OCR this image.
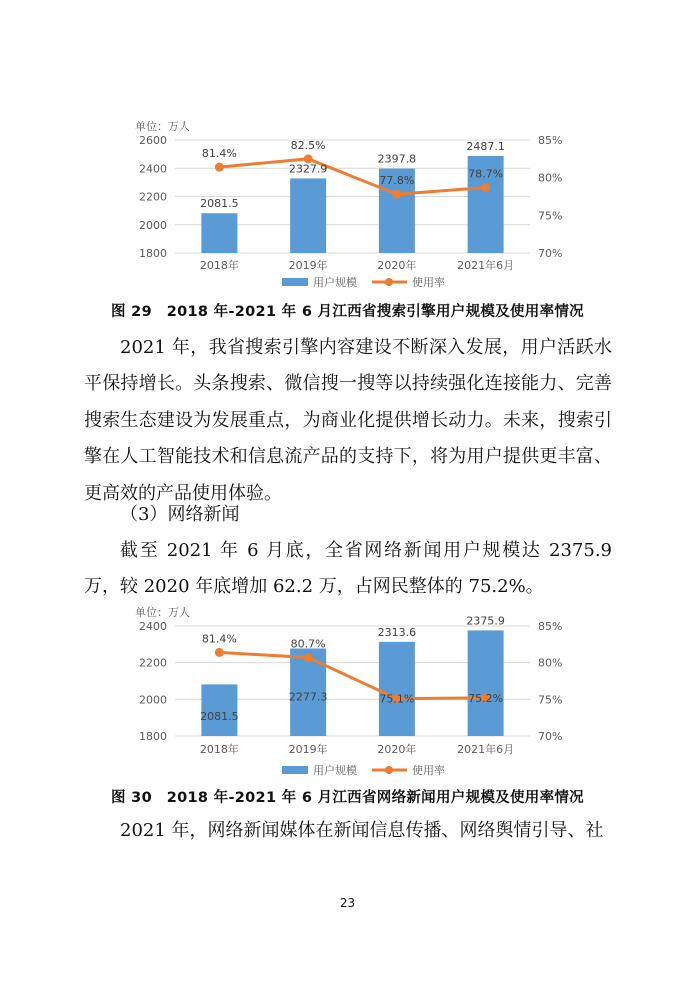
1800
2000
2200
2400
2600
70%
75%
80%
85%
单位：万人
2018年	2019年	2020年	2021年6月
2081.5
2327.9
2397.8
2487.1
81.4%
82.5%
77.8%
78.7%
用户规模	使用率
图 29　2018 年-2021 年 6 月江西省搜索引擎用户规模及使用率情况
2021 年，我省搜索引擎内容建设不断深入发展，用户活跃水平保持增长。头条搜索、微信搜一搜等以持续强化连接能力、完善搜索生态建设为发展重点，为商业化提供增长动力。未来，搜索引擎在人工智能技术和信息流产品的支持下，将为用户提供更丰富、更高效的产品使用体验。
（3）网络新闻
截至 2021 年 6 月底，全省网络新闻用户规模达 2375.9 万，较 2020 年底增加 62.2 万，占网民整体的 75.2%。
1800
2000
2200
2400
70%
75%
80%
85%
单位：万人
2018年	2019年	2020年	2021年6月
2081.5
2277.3
2313.6
2375.9
81.4%	80.7%
75.1%	75.2%
用户规模	使用率
图 30　2018 年-2021 年 6 月江西省网络新闻用户规模及使用率情况
2021 年，网络新闻媒体在新闻信息传播、网络舆情引导、社
23
